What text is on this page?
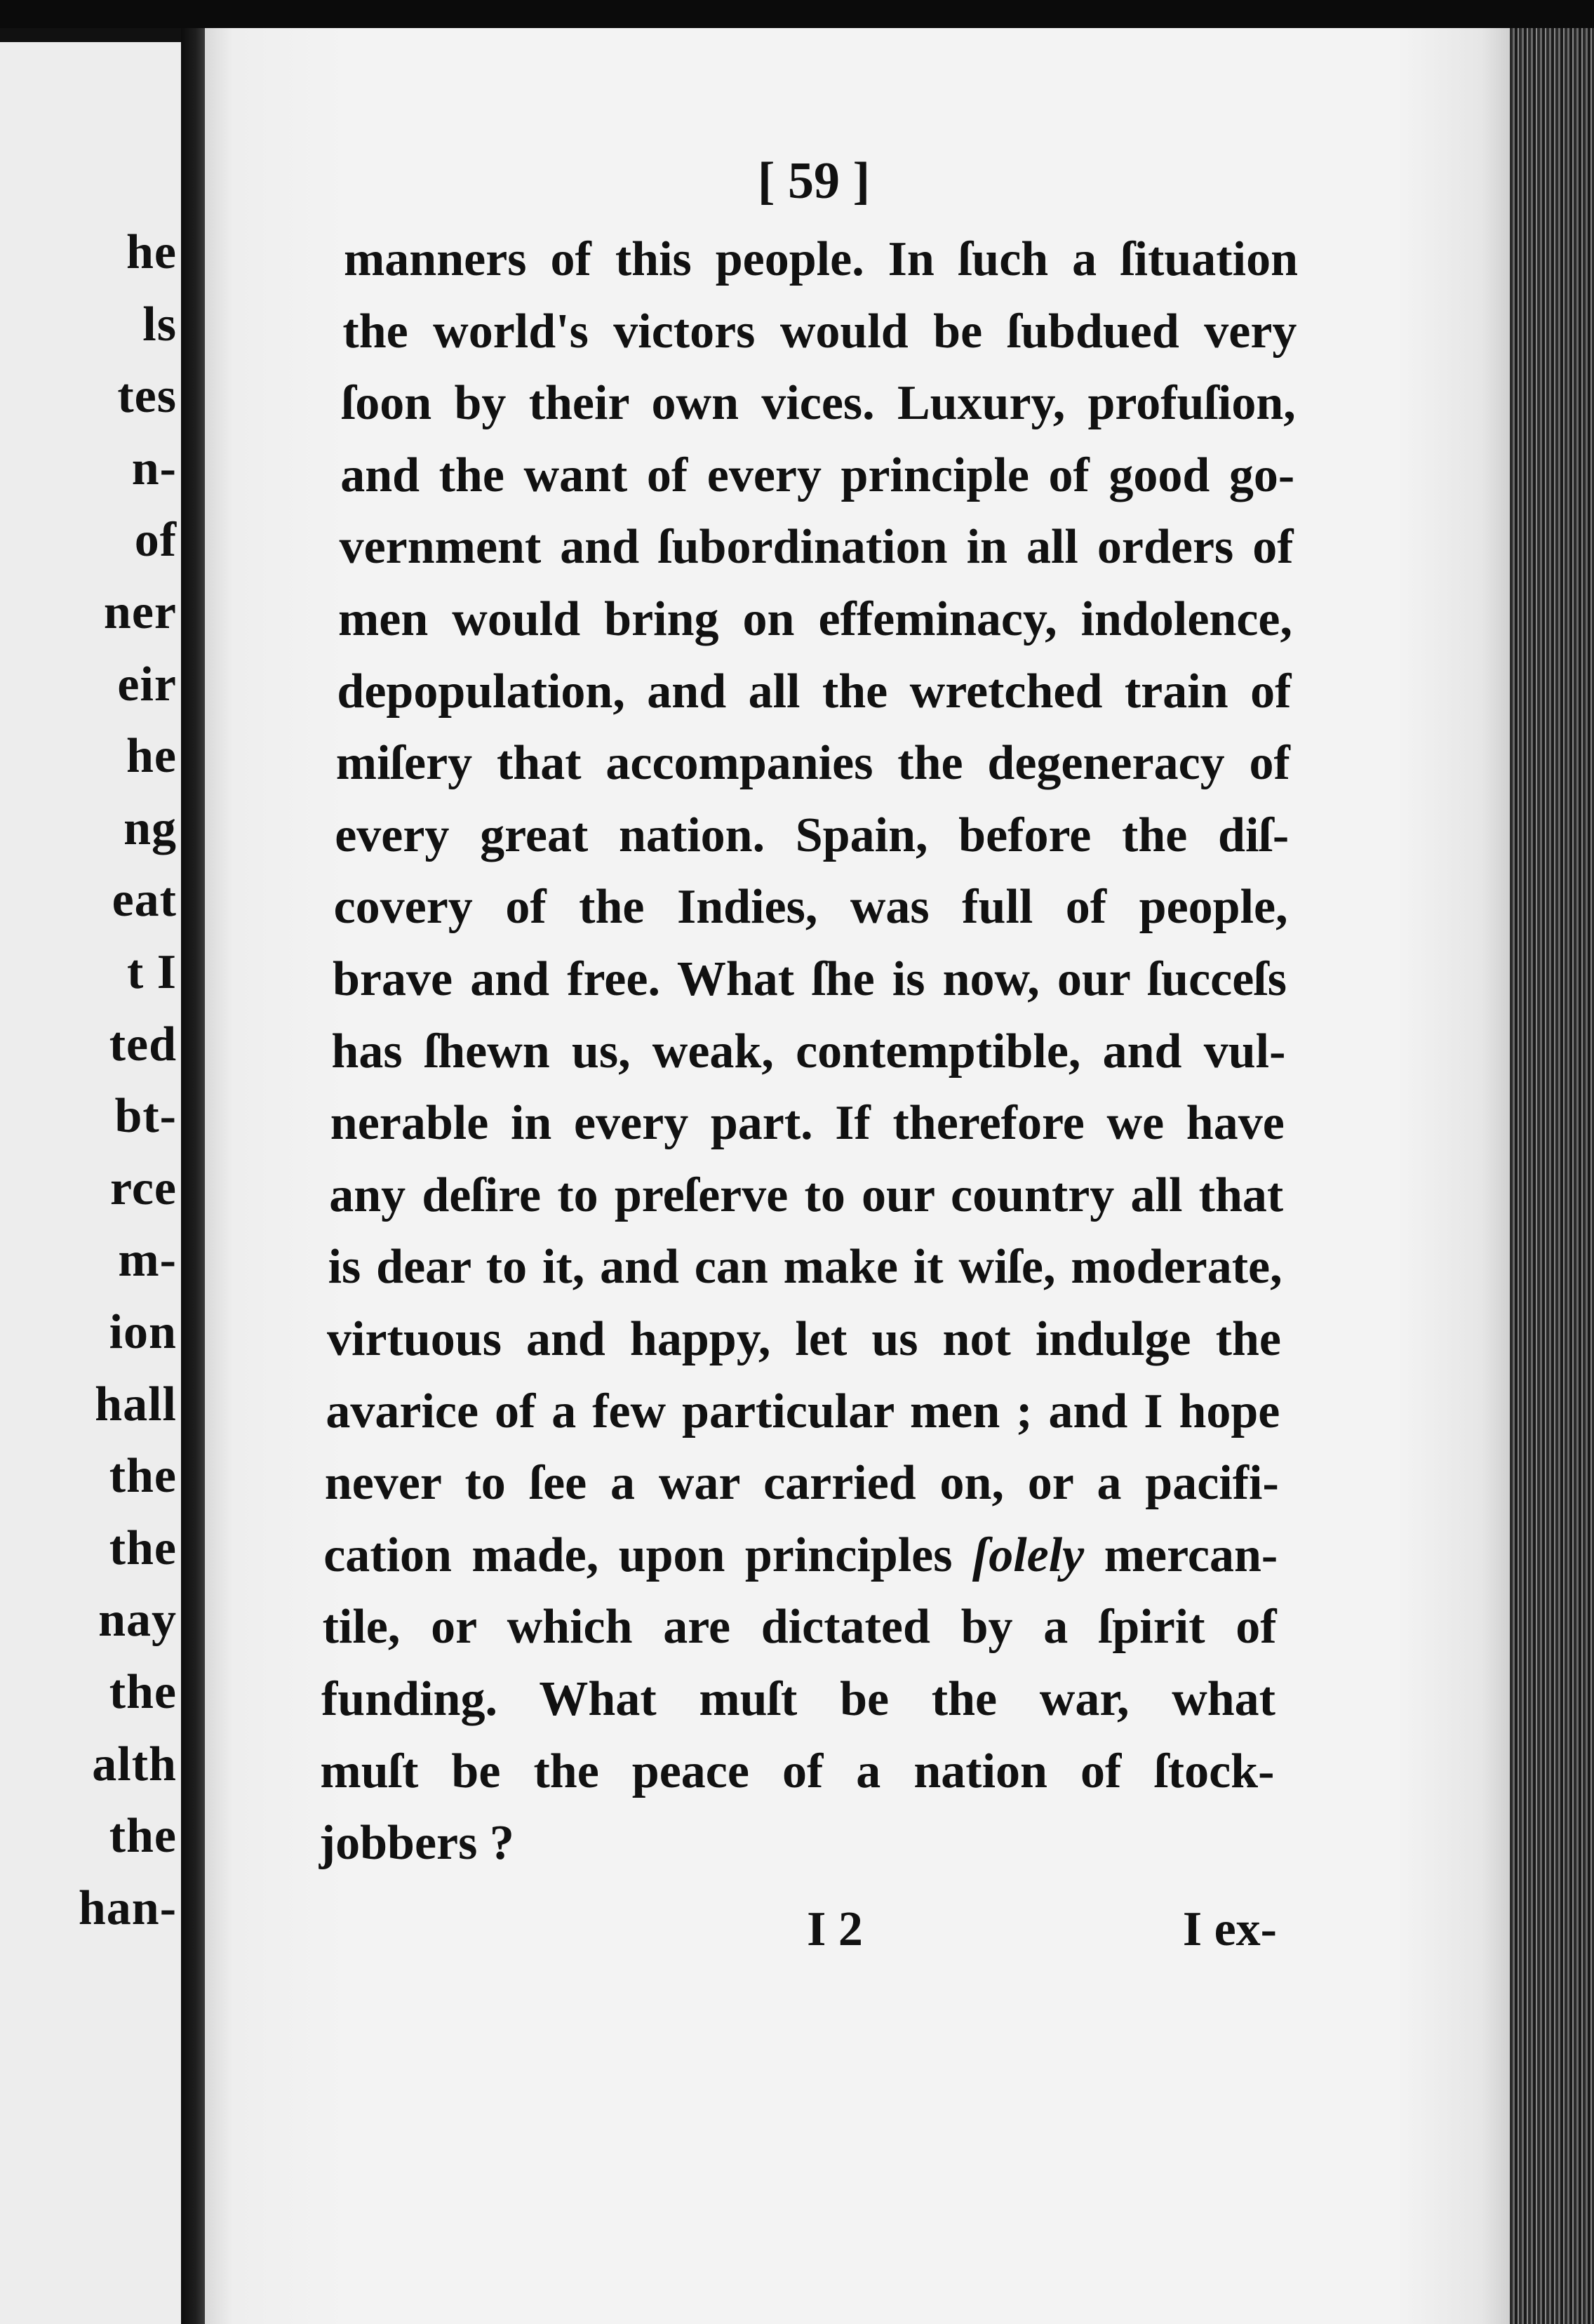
he
ls
tes
n-
of
ner
eir
he
ng
eat
t I
ted
bt-
rce
m-
ion
hall
the
the
nay
the
alth
the
han-
[ 59 ]
manners of this people. In ſuch a ſituation
the world's victors would be ſubdued very
ſoon by their own vices. Luxury, profuſion,
and the want of every principle of good go-
vernment and ſubordination in all orders of
men would bring on effeminacy, indolence,
depopulation, and all the wretched train of
miſery that accompanies the degeneracy of
every great nation. Spain, before the diſ-
covery of the Indies, was full of people,
brave and free. What ſhe is now, our ſucceſs
has ſhewn us, weak, contemptible, and vul-
nerable in every part. If therefore we have
any deſire to preſerve to our country all that
is dear to it, and can make it wiſe, moderate,
virtuous and happy, let us not indulge the
avarice of a few particular men ; and I hope
never to ſee a war carried on, or a pacifi-
cation made, upon principles ſolely mercan-
tile, or which are dictated by a ſpirit of
funding. What muſt be the war, what
muſt be the peace of a nation of ſtock-
jobbers ?
I 2	I ex-
